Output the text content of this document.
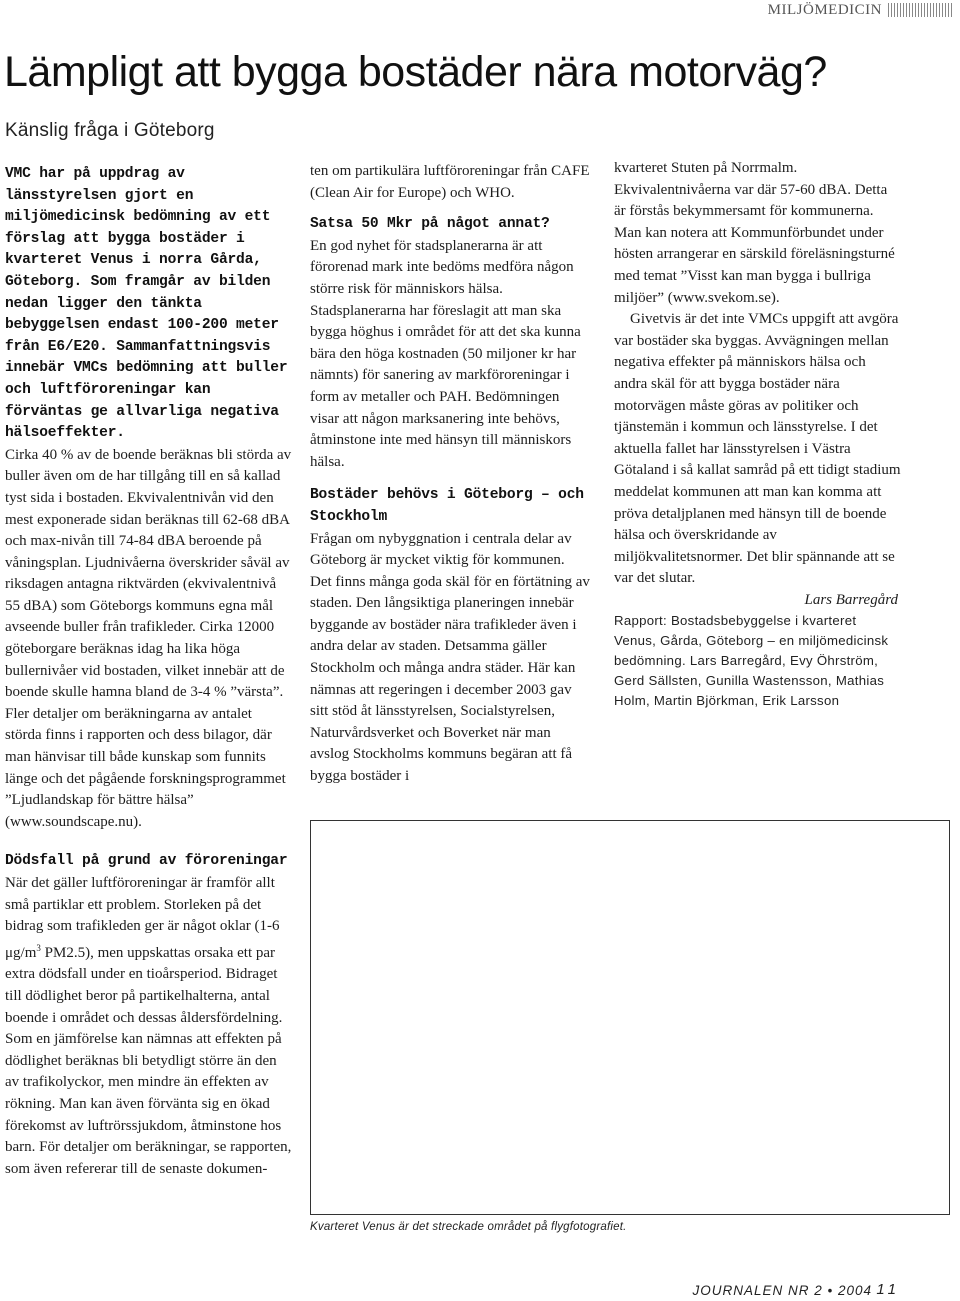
MILJÖMEDICIN
Lämpligt att bygga bostäder nära motorväg?
Känslig fråga i Göteborg

VMC har på uppdrag av länsstyrelsen gjort en miljömedicinsk bedömning av ett förslag att bygga bostäder i kvarteret Venus i norra Gårda, Göteborg. Som framgår av bilden nedan ligger den tänkta bebyggelsen endast 100-200 meter från E6/E20. Sammanfattningsvis innebär VMCs bedömning att buller och luftföroreningar kan förväntas ge allvarliga negativa hälsoeffekter.

Cirka 40 % av de boende beräknas bli störda av buller även om de har tillgång till en så kallad tyst sida i bostaden. Ekvivalentnivån vid den mest exponerade sidan beräknas till 62-68 dBA och max-nivån till 74-84 dBA beroende på våningsplan. Ljudnivåerna överskrider såväl av riksdagen antagna riktvärden (ekvivalentnivå 55 dBA) som Göteborgs kommuns egna mål avseende buller från trafikleder. Cirka 12000 göteborgare beräknas idag ha lika höga bullernivåer vid bostaden, vilket innebär att de boende skulle hamna bland de 3-4 % ”värsta”. Fler detaljer om beräkningarna av antalet störda finns i rapporten och dess bilagor, där man hänvisar till både kunskap som funnits länge och det pågående forskningsprogrammet ”Ljudlandskap för bättre hälsa” (www.soundscape.nu).

Dödsfall på grund av föroreningar

När det gäller luftföroreningar är framför allt små partiklar ett problem. Storleken på det bidrag som trafikleden ger är något oklar (1-6 $\mu g/m^3$ PM2.5), men uppskattas orsaka ett par extra dödsfall under en tioårsperiod. Bidraget till dödlighet beror på partikelhalterna, antal boende i området och dessas åldersfördelning. Som en jämförelse kan nämnas att effekten på dödlighet beräknas bli betydligt större än den av trafikolyckor, men mindre än effekten av rökning. Man kan även förvänta sig en ökad förekomst av luftrörssjukdom, åtminstone hos barn. För detaljer om beräkningar, se rapporten, som även refererar till de senaste dokumen-

ten om partikulära luftföroreningar från CAFE (Clean Air for Europe) och WHO.

Satsa 50 Mkr på något annat?

En god nyhet för stadsplanerarna är att förorenad mark inte bedöms medföra någon större risk för människors hälsa. Stadsplanerarna har föreslagit att man ska bygga höghus i området för att det ska kunna bära den höga kostnaden (50 miljoner kr har nämnts) för sanering av markföroreningar i form av metaller och PAH. Bedömningen visar att någon marksanering inte behövs, åtminstone inte med hänsyn till människors hälsa.

Bostäder behövs i Göteborg – och Stockholm

Frågan om nybyggnation i centrala delar av Göteborg är mycket viktig för kommunen. Det finns många goda skäl för en förtätning av staden. Den långsiktiga planeringen innebär byggande av bostäder nära trafikleder även i andra delar av staden. Detsamma gäller Stockholm och många andra städer. Här kan nämnas att regeringen i december 2003 gav sitt stöd åt länsstyrelsen, Socialstyrelsen, Naturvårdsverket och Boverket när man avslog Stockholms kommuns begäran att få bygga bostäder i

kvarteret Stuten på Norrmalm. Ekvivalentnivåerna var där 57-60 dBA. Detta är förstås bekymmersamt för kommunerna. Man kan notera att Kommunförbundet under hösten arrangerar en särskild föreläsningsturné med temat ”Visst kan man bygga i bullriga miljöer” (www.svekom.se).

Givetvis är det inte VMCs uppgift att avgöra var bostäder ska byggas. Avvägningen mellan negativa effekter på människors hälsa och andra skäl för att bygga bostäder nära motorvägen måste göras av politiker och tjänstemän i kommun och länsstyrelse. I det aktuella fallet har länsstyrelsen i Västra Götaland i så kallat samråd på ett tidigt stadium meddelat kommunen att man kan komma att pröva detaljplanen med hänsyn till de boende hälsa och överskridande av miljökvalitetsnormer. Det blir spännande att se var det slutar.

Lars Barregård

Rapport: Bostadsbebyggelse i kvarteret Venus, Gårda, Göteborg – en miljömedicinsk bedömning. Lars Barregård, Evy Öhrström, Gerd Sällsten, Gunilla Wastensson, Mathias Holm, Martin Björkman, Erik Larsson

Kvarteret Venus är det streckade området på flygfotografiet.
JOURNALEN NR 2 • 2004 11
